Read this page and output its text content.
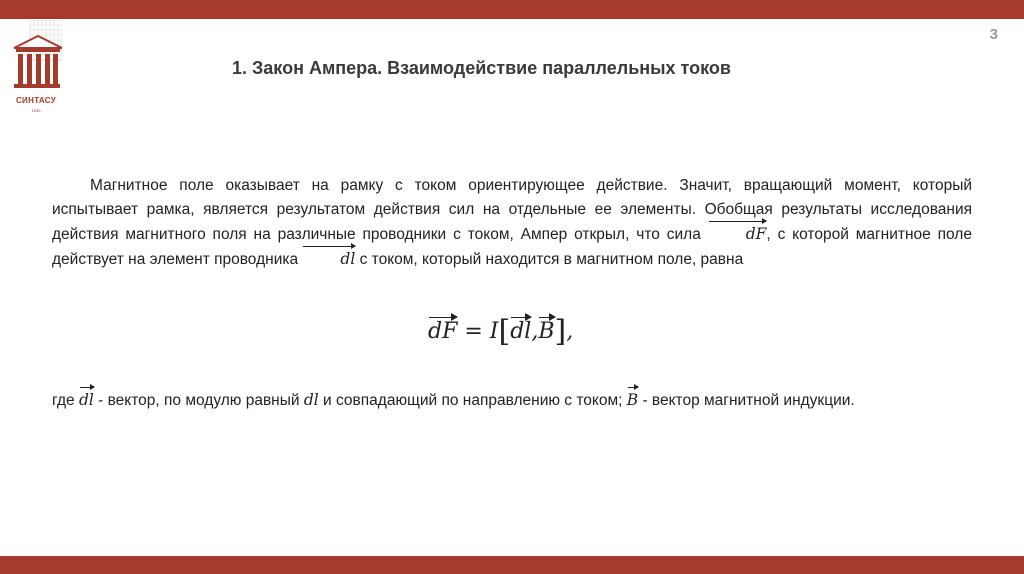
3
СИНТАСУ
1930
1. Закон Ампера. Взаимодействие параллельных токов

Магнитное поле оказывает на рамку с током ориентирующее действие. Значит, вращающий момент, который испытывает рамка, является результатом действия сил на отдельные ее элементы. Обобщая результаты исследования действия магнитного поля на различные проводники с током, Ампер открыл, что сила dF, с которой магнитное поле действует на элемент проводника dl с током, который находится в магнитном поле, равна

dF = I[dl,B],

где dl - вектор, по модулю равный dl и совпадающий по направлению с током; B - вектор магнитной индукции.
